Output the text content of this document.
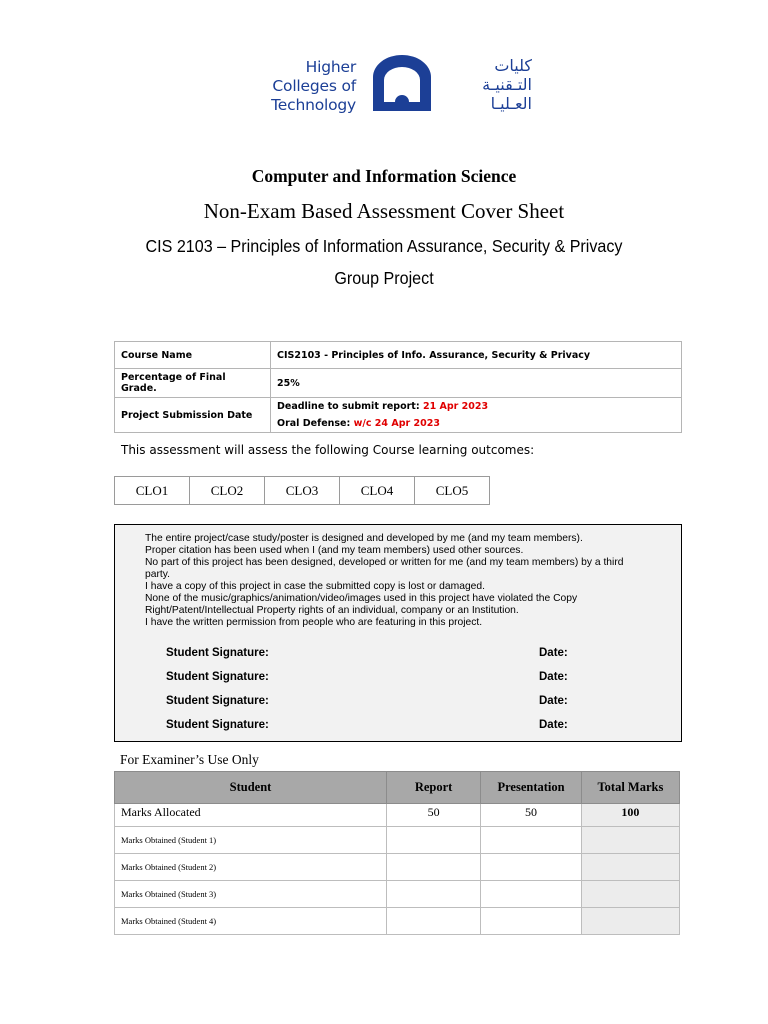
Higher
Colleges of
Technology
كليات
التـقنيـة
العـليـا
Computer and Information Science
Non-Exam Based Assessment Cover Sheet
CIS 2103 – Principles of Information Assurance, Security & Privacy
Group Project
Course Name	CIS2103 - Principles of Info. Assurance, Security & Privacy
Percentage of Final Grade.	25%
Project Submission Date	Deadline to submit report: 21 Apr 2023
Oral Defense: w/c 24 Apr 2023
This assessment will assess the following Course learning outcomes:
CLO1	CLO2	CLO3	CLO4	CLO5
The entire project/case study/poster is designed and developed by me (and my team members).
Proper citation has been used when I (and my team members) used other sources.
No part of this project has been designed, developed or written for me (and my team members) by a third
party.
I have a copy of this project in case the submitted copy is lost or damaged.
None of the music/graphics/animation/video/images used in this project have violated the Copy
Right/Patent/Intellectual Property rights of an individual, company or an Institution.
I have the written permission from people who are featuring in this project.
Student Signature:	Date:
Student Signature:	Date:
Student Signature:	Date:
Student Signature:	Date:
For Examiner’s Use Only
Student	Report	Presentation	Total Marks
Marks Allocated	50	50	100
Marks Obtained (Student 1)			
Marks Obtained (Student 2)			
Marks Obtained (Student 3)			
Marks Obtained (Student 4)			
